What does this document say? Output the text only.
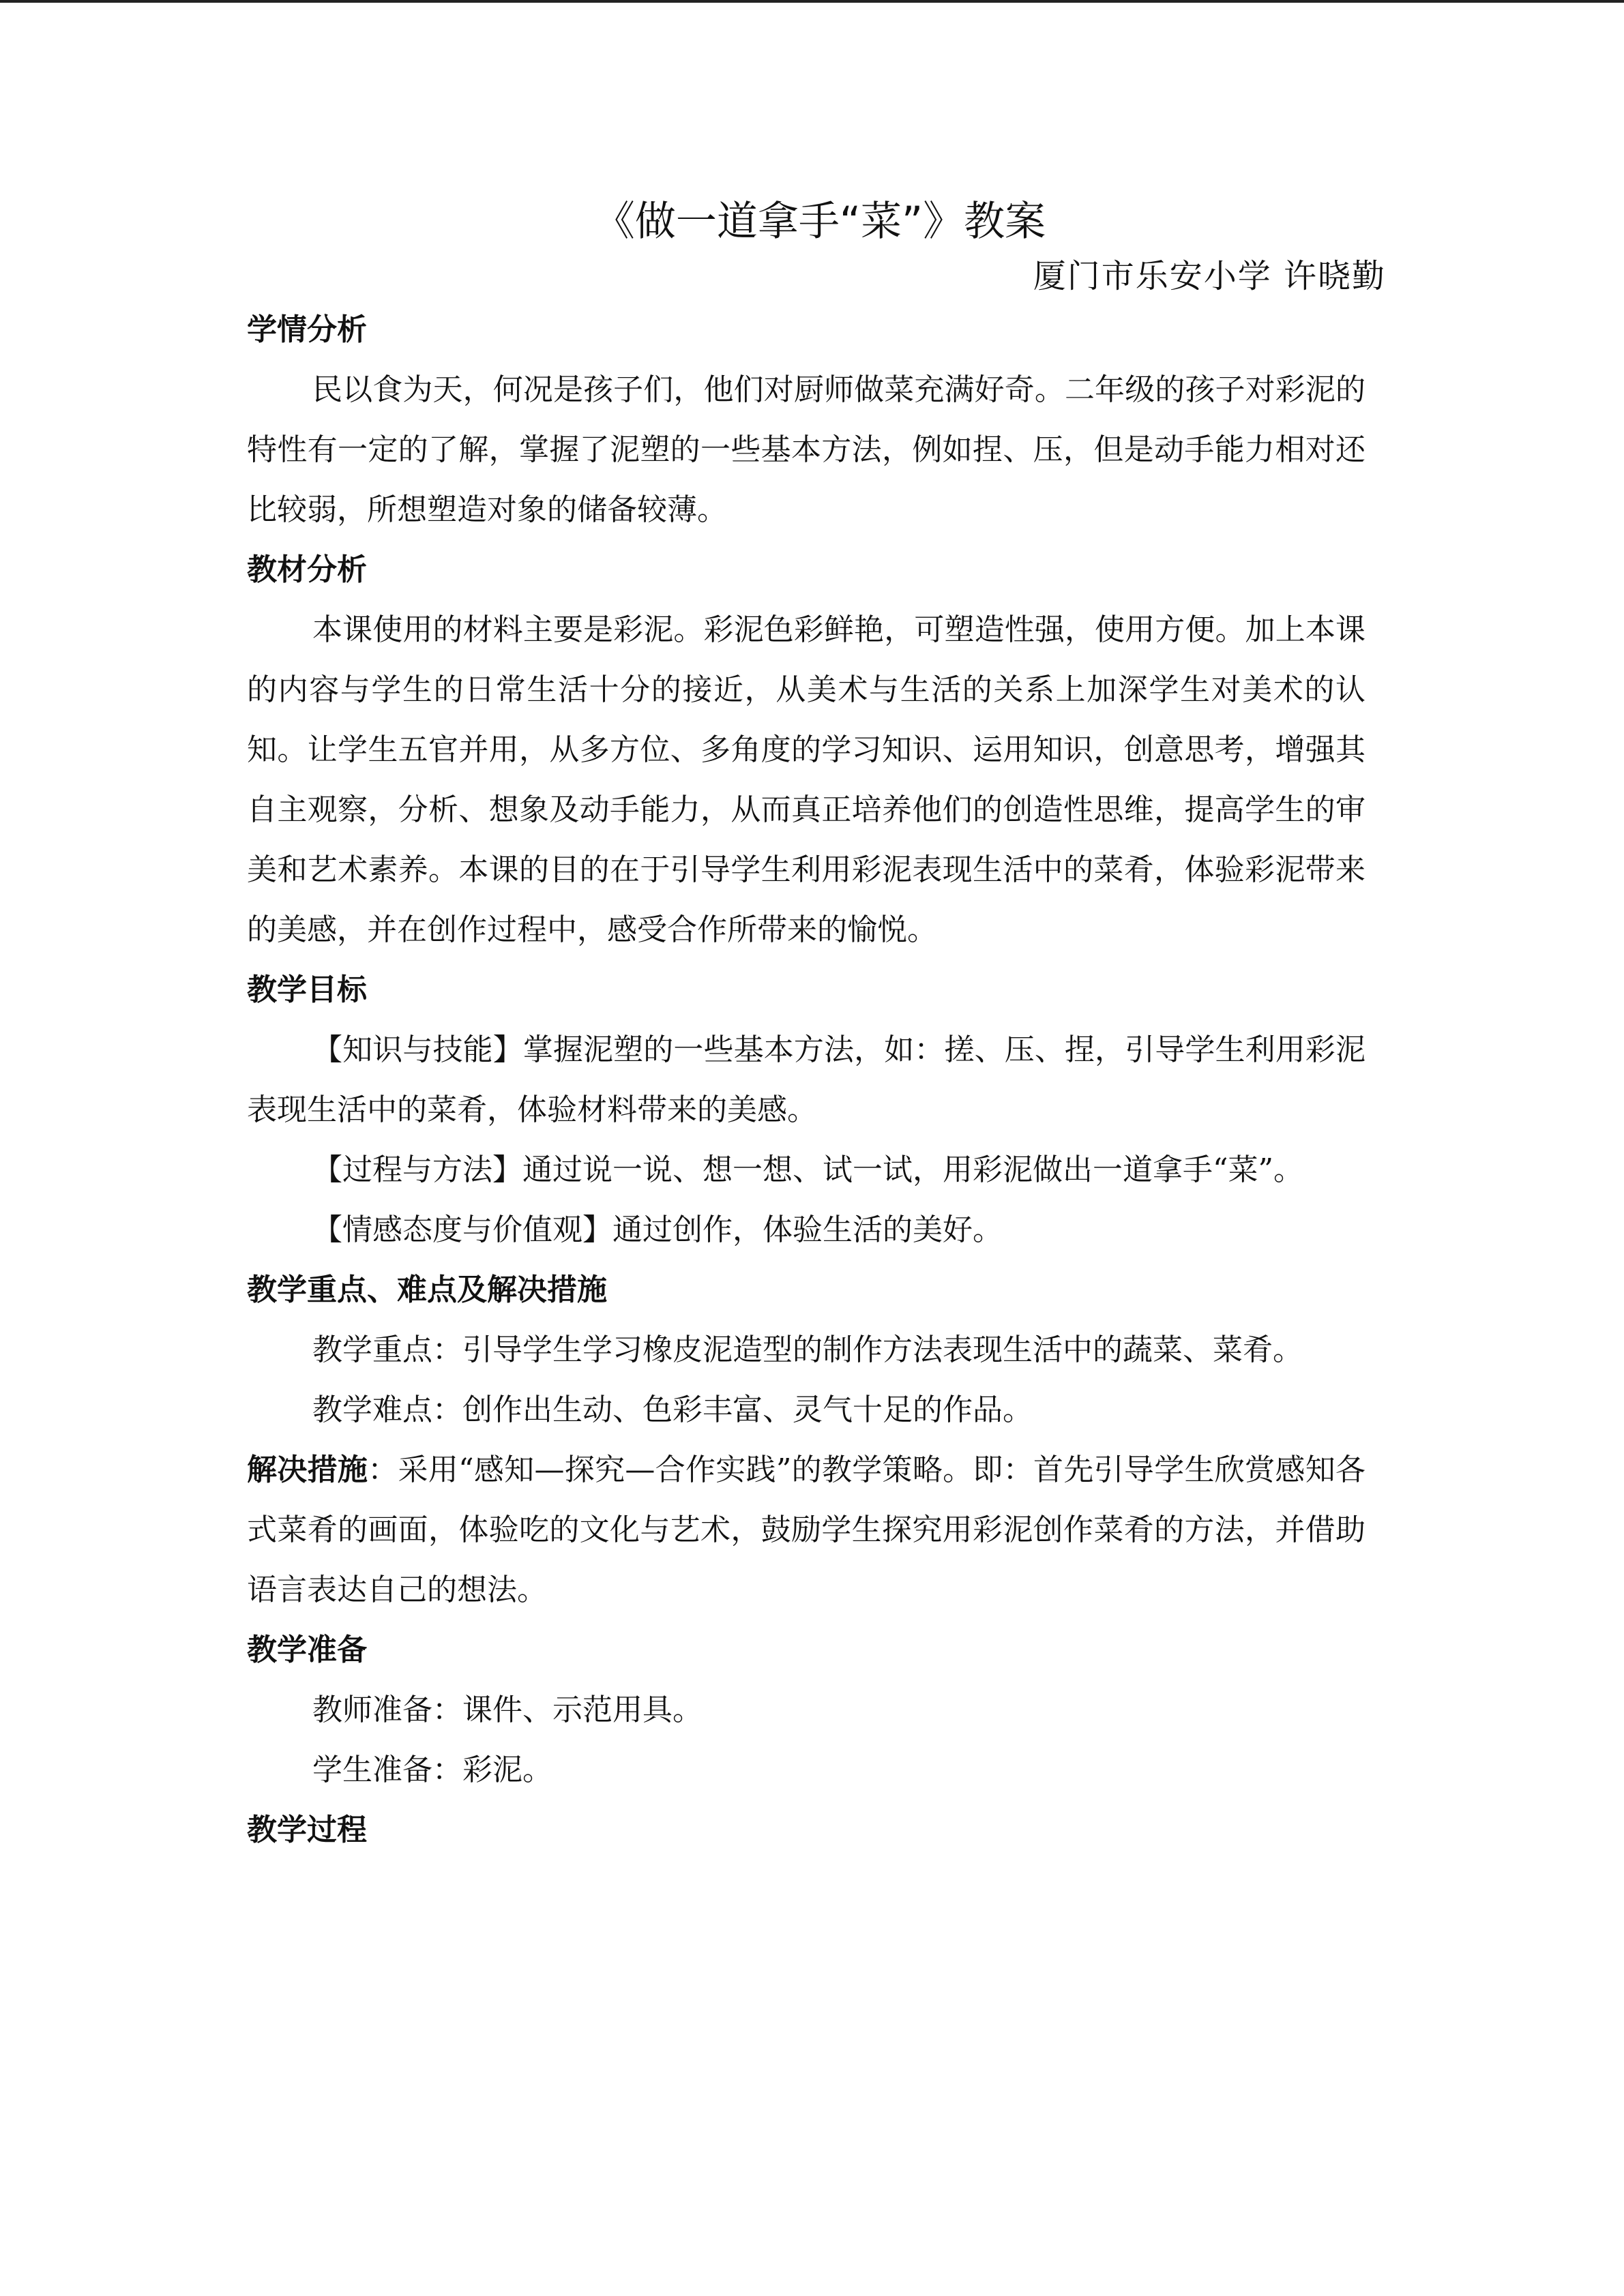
《做一道拿手“菜”》教案

厦门市乐安小学 许晓勤

学情分析

民以食为天，何况是孩子们，他们对厨师做菜充满好奇。二年级的孩子对彩泥的特性有一定的了解，掌握了泥塑的一些基本方法，例如捏、压，但是动手能力相对还比较弱，所想塑造对象的储备较薄。

教材分析

本课使用的材料主要是彩泥。彩泥色彩鲜艳，可塑造性强，使用方便。加上本课的内容与学生的日常生活十分的接近，从美术与生活的关系上加深学生对美术的认知。让学生五官并用，从多方位、多角度的学习知识、运用知识，创意思考，增强其自主观察，分析、想象及动手能力，从而真正培养他们的创造性思维，提高学生的审美和艺术素养。本课的目的在于引导学生利用彩泥表现生活中的菜肴，体验彩泥带来的美感，并在创作过程中，感受合作所带来的愉悦。

教学目标

【知识与技能】掌握泥塑的一些基本方法，如：搓、压、捏，引导学生利用彩泥表现生活中的菜肴，体验材料带来的美感。

【过程与方法】通过说一说、想一想、试一试，用彩泥做出一道拿手“菜”。

【情感态度与价值观】通过创作，体验生活的美好。

教学重点、难点及解决措施

教学重点：引导学生学习橡皮泥造型的制作方法表现生活中的蔬菜、菜肴。

教学难点：创作出生动、色彩丰富、灵气十足的作品。

解决措施：采用“感知—探究—合作实践”的教学策略。即：首先引导学生欣赏感知各式菜肴的画面，体验吃的文化与艺术，鼓励学生探究用彩泥创作菜肴的方法，并借助语言表达自己的想法。

教学准备

教师准备：课件、示范用具。

学生准备：彩泥。

教学过程
